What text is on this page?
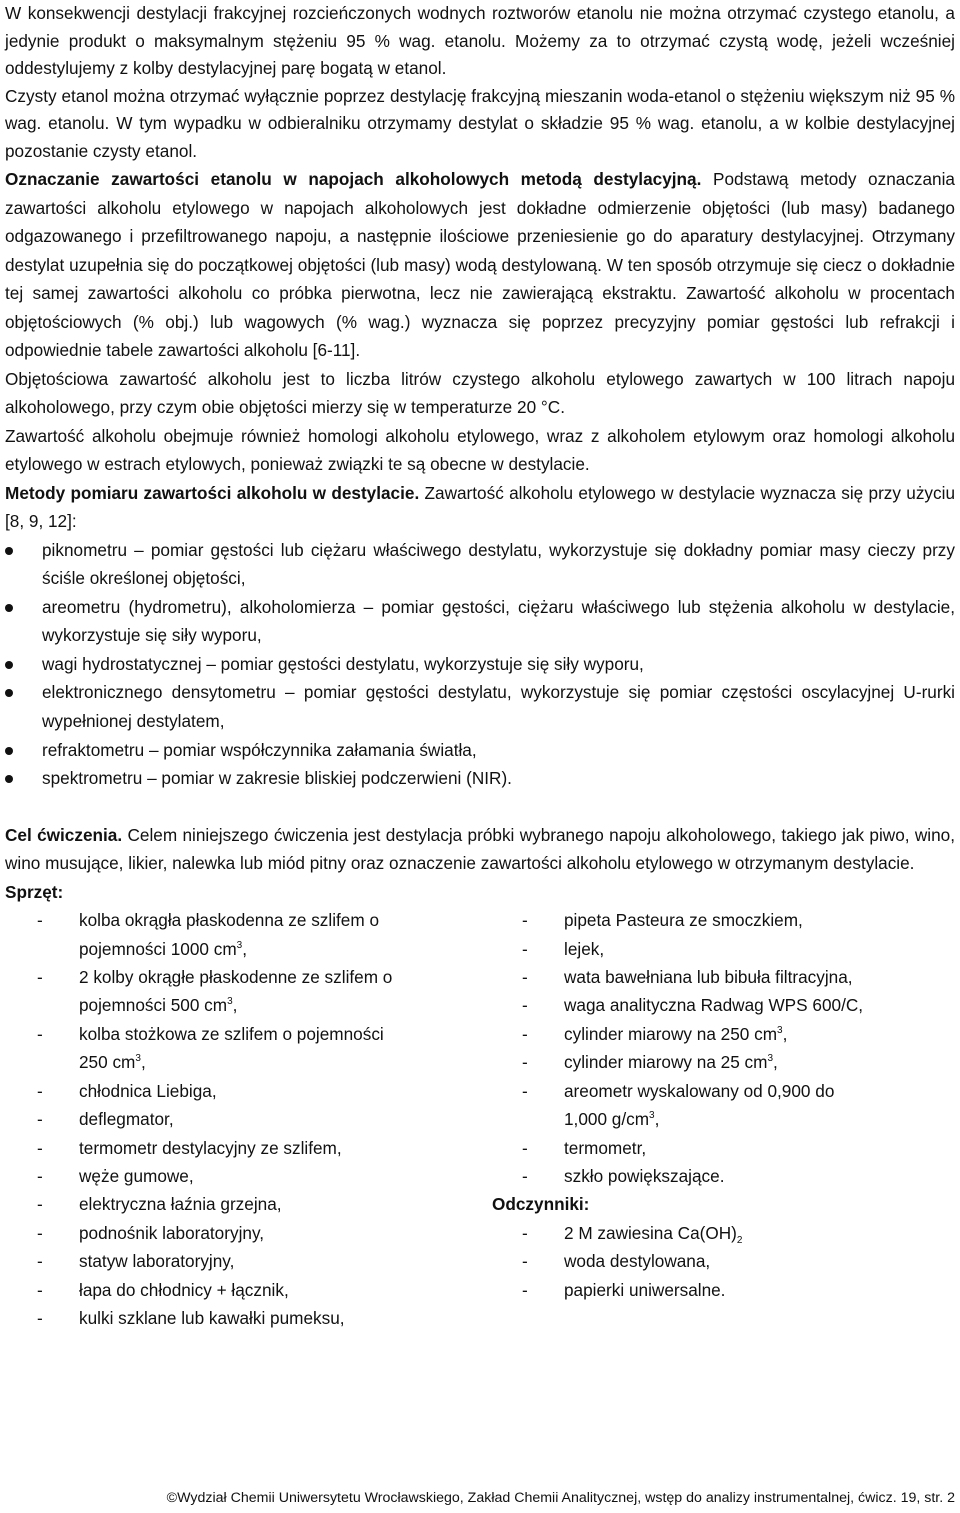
W konsekwencji destylacji frakcyjnej rozcieńczonych wodnych roztworów etanolu nie można otrzymać czystego etanolu, a jedynie produkt o maksymalnym stężeniu 95 % wag. etanolu. Możemy za to otrzymać czystą wodę, jeżeli wcześniej oddestylujemy z kolby destylacyjnej parę bogatą w etanol.

Czysty etanol można otrzymać wyłącznie poprzez destylację frakcyjną mieszanin woda-etanol o stężeniu większym niż 95 % wag. etanolu. W tym wypadku w odbieralniku otrzymamy destylat o składzie 95 % wag. etanolu, a w kolbie destylacyjnej pozostanie czysty etanol.

Oznaczanie zawartości etanolu w napojach alkoholowych metodą destylacyjną. Podstawą metody oznaczania zawartości alkoholu etylowego w napojach alkoholowych jest dokładne odmierzenie objętości (lub masy) badanego odgazowanego i przefiltrowanego napoju, a następnie ilościowe przeniesienie go do aparatury destylacyjnej. Otrzymany destylat uzupełnia się do początkowej objętości (lub masy) wodą destylowaną. W ten sposób otrzymuje się ciecz o dokładnie tej samej zawartości alkoholu co próbka pierwotna, lecz nie zawierającą ekstraktu. Zawartość alkoholu w procentach objętościowych (% obj.) lub wagowych (% wag.) wyznacza się poprzez precyzyjny pomiar gęstości lub refrakcji i odpowiednie tabele zawartości alkoholu [6-11].

Objętościowa zawartość alkoholu jest to liczba litrów czystego alkoholu etylowego zawartych w 100 litrach napoju alkoholowego, przy czym obie objętości mierzy się w temperaturze 20 °C.

Zawartość alkoholu obejmuje również homologi alkoholu etylowego, wraz z alkoholem etylowym oraz homologi alkoholu etylowego w estrach etylowych, ponieważ związki te są obecne w destylacie.

Metody pomiaru zawartości alkoholu w destylacie. Zawartość alkoholu etylowego w destylacie wyznacza się przy użyciu [8, 9, 12]:

piknometru – pomiar gęstości lub ciężaru właściwego destylatu, wykorzystuje się dokładny pomiar masy cieczy przy ściśle określonej objętości,
areometru (hydrometru), alkoholomierza – pomiar gęstości, ciężaru właściwego lub stężenia alkoholu w destylacie, wykorzystuje się siły wyporu,
wagi hydrostatycznej – pomiar gęstości destylatu, wykorzystuje się siły wyporu,
elektronicznego densytometru – pomiar gęstości destylatu, wykorzystuje się pomiar częstości oscylacyjnej U-rurki wypełnionej destylatem,
refraktometru – pomiar współczynnika załamania światła,
spektrometru – pomiar w zakresie bliskiej podczerwieni (NIR).

Cel ćwiczenia. Celem niniejszego ćwiczenia jest destylacja próbki wybranego napoju alkoholowego, takiego jak piwo, wino, wino musujące, likier, nalewka lub miód pitny oraz oznaczenie zawartości alkoholu etylowego w otrzymanym destylacie.

Sprzęt:
- kolba okrągła płaskodenna ze szlifem o
pojemności 1000 $cm^3$,
- 2 kolby okrągłe płaskodenne ze szlifem o
pojemności 500 $cm^3$,
- kolba stożkowa ze szlifem o pojemności
250 $cm^3$,
- chłodnica Liebiga,
- deflegmator,
- termometr destylacyjny ze szlifem,
- węże gumowe,
- elektryczna łaźnia grzejna,
- podnośnik laboratoryjny,
- statyw laboratoryjny,
- łapa do chłodnicy + łącznik,
- kulki szklane lub kawałki pumeksu,
- pipeta Pasteura ze smoczkiem,
- lejek,
- wata bawełniana lub bibuła filtracyjna,
- waga analityczna Radwag WPS 600/C,
- cylinder miarowy na 250 $cm^3$,
- cylinder miarowy na 25 $cm^3$,
- areometr wyskalowany od 0,900 do
1,000 $g/cm^3$,
- termometr,
- szkło powiększające.
Odczynniki:
- 2 M zawiesina $Ca(OH)_2$
- woda destylowana,
- papierki uniwersalne.
©Wydział Chemii Uniwersytetu Wrocławskiego, Zakład Chemii Analitycznej, wstęp do analizy instrumentalnej, ćwicz. 19, str. 2
